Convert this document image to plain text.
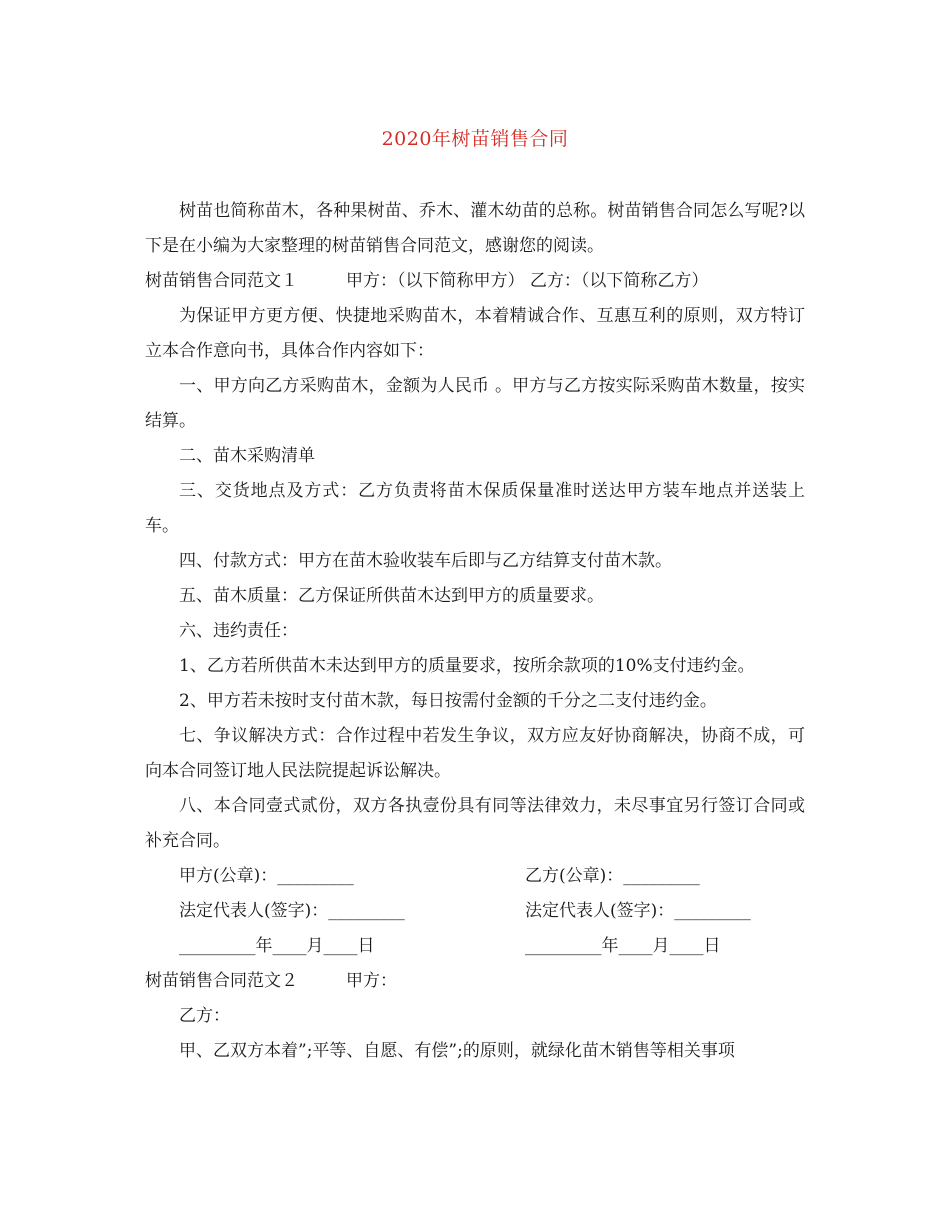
2020年树苗销售合同

树苗也简称苗木，各种果树苗、乔木、灌木幼苗的总称。树苗销售合同怎么写呢?以下是在小编为大家整理的树苗销售合同范文，感谢您的阅读。

树苗销售合同范文１	甲方：（以下简称甲方） 乙方：（以下简称乙方）

为保证甲方更方便、快捷地采购苗木，本着精诚合作、互惠互利的原则，双方特订立本合作意向书，具体合作内容如下：

一、甲方向乙方采购苗木，金额为人民币 。甲方与乙方按实际采购苗木数量，按实结算。

二、苗木采购清单

三、交货地点及方式：乙方负责将苗木保质保量准时送达甲方装车地点并送装上车。

四、付款方式：甲方在苗木验收装车后即与乙方结算支付苗木款。

五、苗木质量：乙方保证所供苗木达到甲方的质量要求。

六、违约责任：

1、乙方若所供苗木未达到甲方的质量要求，按所余款项的10%支付违约金。

2、甲方若未按时支付苗木款，每日按需付金额的千分之二支付违约金。

七、争议解决方式：合作过程中若发生争议，双方应友好协商解决，协商不成，可向本合同签订地人民法院提起诉讼解决。

八、本合同壹式贰份，双方各执壹份具有同等法律效力，未尽事宜另行签订合同或补充合同。

甲方(公章)：_________	乙方(公章)：_________
法定代表人(签字)：_________	法定代表人(签字)：_________
_________年____月____日	_________年____月____日

树苗销售合同范文２	甲方：

乙方：

甲、乙双方本着”;平等、自愿、有偿”;的原则，就绿化苗木销售等相关事项
